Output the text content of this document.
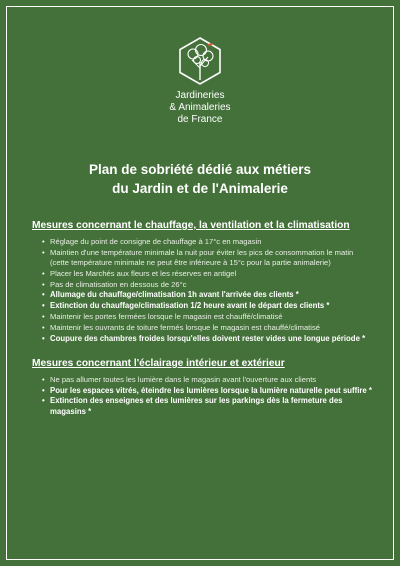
Jardineries
& Animaleries
de France
Plan de sobriété dédié aux métiers
du Jardin et de l'Animalerie
Mesures concernant le chauffage, la ventilation et la climatisation
• Réglage du point de consigne de chauffage à 17°c en magasin
• Maintien d'une température minimale la nuit pour éviter les pics de consommation le matin (cette température minimale ne peut être inférieure à 15°c pour la partie animalerie)
• Placer les Marchés aux fleurs et les réserves en antigel
• Pas de climatisation en dessous de 26°c
• Allumage du chauffage/climatisation 1h avant l'arrivée des clients *
• Extinction du chauffage/climatisation 1/2 heure avant le départ des clients *
• Maintenir les portes fermées lorsque le magasin est chauffé/climatisé
• Maintenir les ouvrants de toiture fermés lorsque le magasin est chauffé/climatisé
• Coupure des chambres froides lorsqu'elles doivent rester vides une longue période *
Mesures concernant l'éclairage intérieur et extérieur
• Ne pas allumer toutes les lumière dans le magasin avant l'ouverture aux clients
• Pour les espaces vitrés, éteindre les lumières lorsque la lumière naturelle peut suffire *
• Extinction des enseignes et des lumières sur les parkings dès la fermeture des magasins *
